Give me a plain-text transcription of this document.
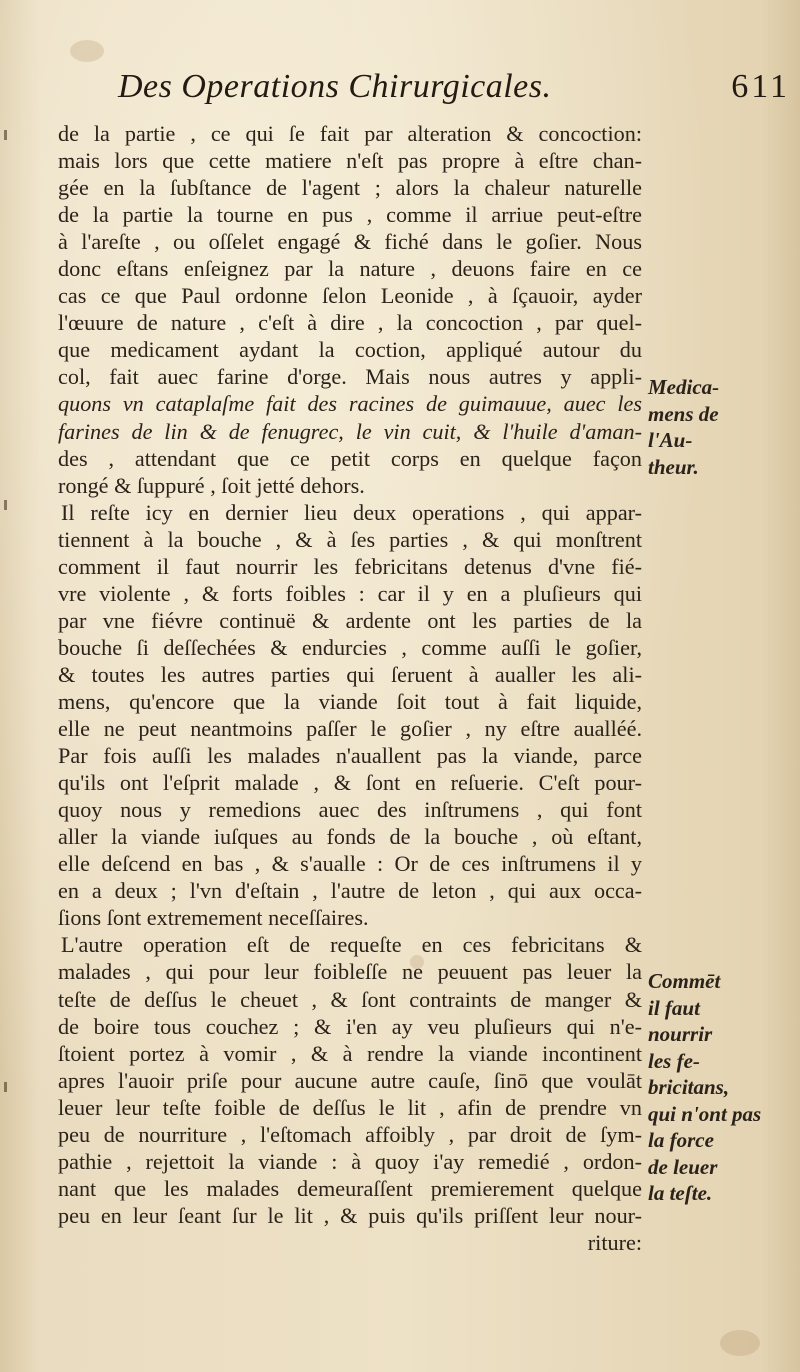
Des Operations Chirurgicales.	611
de la partie , ce qui ſe fait par alteration & concoction:
mais lors que cette matiere n'eſt pas propre à eſtre chan-
gée en la ſubſtance de l'agent ; alors la chaleur naturelle
de la partie la tourne en pus , comme il arriue peut-eſtre
à l'areſte , ou oſſelet engagé & fiché dans le goſier. Nous
donc eſtans enſeignez par la nature , deuons faire en ce
cas ce que Paul ordonne ſelon Leonide , à ſçauoir, ayder
l'œuure de nature , c'eſt à dire , la concoction , par quel-
que medicament aydant la coction, appliqué autour du
col, fait auec farine d'orge. Mais nous autres y appli-
quons vn cataplaſme fait des racines de guimauue, auec les
farines de lin & de fenugrec, le vin cuit, & l'huile d'aman-
des , attendant que ce petit corps en quelque façon
rongé & ſuppuré , ſoit jetté dehors.
Il reſte icy en dernier lieu deux operations , qui appar-
tiennent à la bouche , & à ſes parties , & qui monſtrent
comment il faut nourrir les febricitans detenus d'vne fié-
vre violente , & forts foibles : car il y en a pluſieurs qui
par vne fiévre continuë & ardente ont les parties de la
bouche ſi deſſechées & endurcies , comme auſſi le goſier,
& toutes les autres parties qui ſeruent à aualler les ali-
mens, qu'encore que la viande ſoit tout à fait liquide,
elle ne peut neantmoins paſſer le goſier , ny eſtre aualléé.
Par fois auſſi les malades n'auallent pas la viande, parce
qu'ils ont l'eſprit malade , & ſont en reſuerie. C'eſt pour-
quoy nous y remedions auec des inſtrumens , qui font
aller la viande iuſques au fonds de la bouche , où eſtant,
elle deſcend en bas , & s'aualle : Or de ces inſtrumens il y
en a deux ; l'vn d'eſtain , l'autre de leton , qui aux occa-
ſions ſont extremement neceſſaires.
L'autre operation eſt de requeſte en ces febricitans &
malades , qui pour leur foibleſſe ne peuuent pas leuer la
teſte de deſſus le cheuet , & ſont contraints de manger &
de boire tous couchez ; & i'en ay veu pluſieurs qui n'e-
ſtoient portez à vomir , & à rendre la viande incontinent
apres l'auoir priſe pour aucune autre cauſe, ſinō que voulāt
leuer leur teſte foible de deſſus le lit , afin de prendre vn
peu de nourriture , l'eſtomach affoibly , par droit de ſym-
pathie , rejettoit la viande : à quoy i'ay remedié , ordon-
nant que les malades demeuraſſent premierement quelque
peu en leur ſeant ſur le lit , & puis qu'ils priſſent leur nour-
riture:
Medica-
mens de
l'Au-
theur.
Commēt
il faut
nourrir
les fe-
bricitans,
qui n'ont pas
la force
de leuer
la teſte.
